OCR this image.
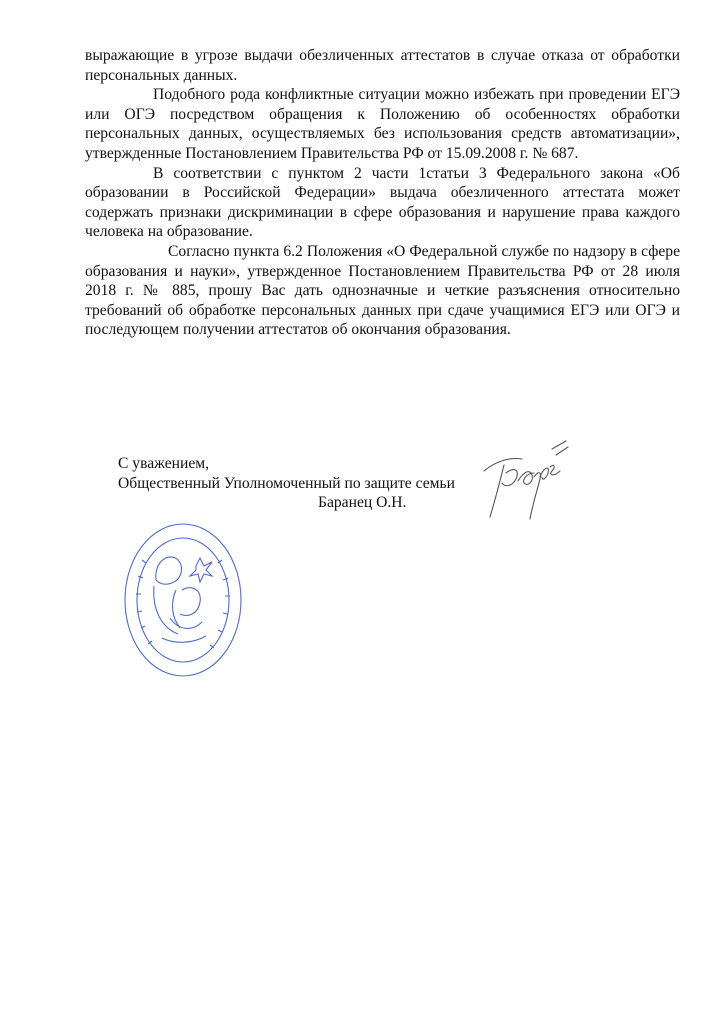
выражающие в угрозе выдачи обезличенных аттестатов в случае отказа от обработки персональных данных.

Подобного рода конфликтные ситуации можно избежать при проведении ЕГЭ или ОГЭ посредством обращения к Положению об особенностях обработки персональных данных, осуществляемых без использования средств автоматизации», утвержденные Постановлением Правительства РФ от 15.09.2008 г. № 687.

В соответствии с пунктом 2 части 1статьи 3 Федерального закона «Об образовании в Российской Федерации» выдача обезличенного аттестата может содержать признаки дискриминации в сфере образования и нарушение права каждого человека на образование.

Согласно пункта 6.2 Положения «О Федеральной службе по надзору в сфере образования и науки», утвержденное Постановлением Правительства РФ от 28 июля 2018 г. № 885, прошу Вас дать однозначные и четкие разъяснения относительно требований об обработке персональных данных при сдаче учащимися ЕГЭ или ОГЭ и последующем получении аттестатов об окончания образования.

С уважением,
Общественный Уполномоченный по защите семьи
Баранец О.Н.
